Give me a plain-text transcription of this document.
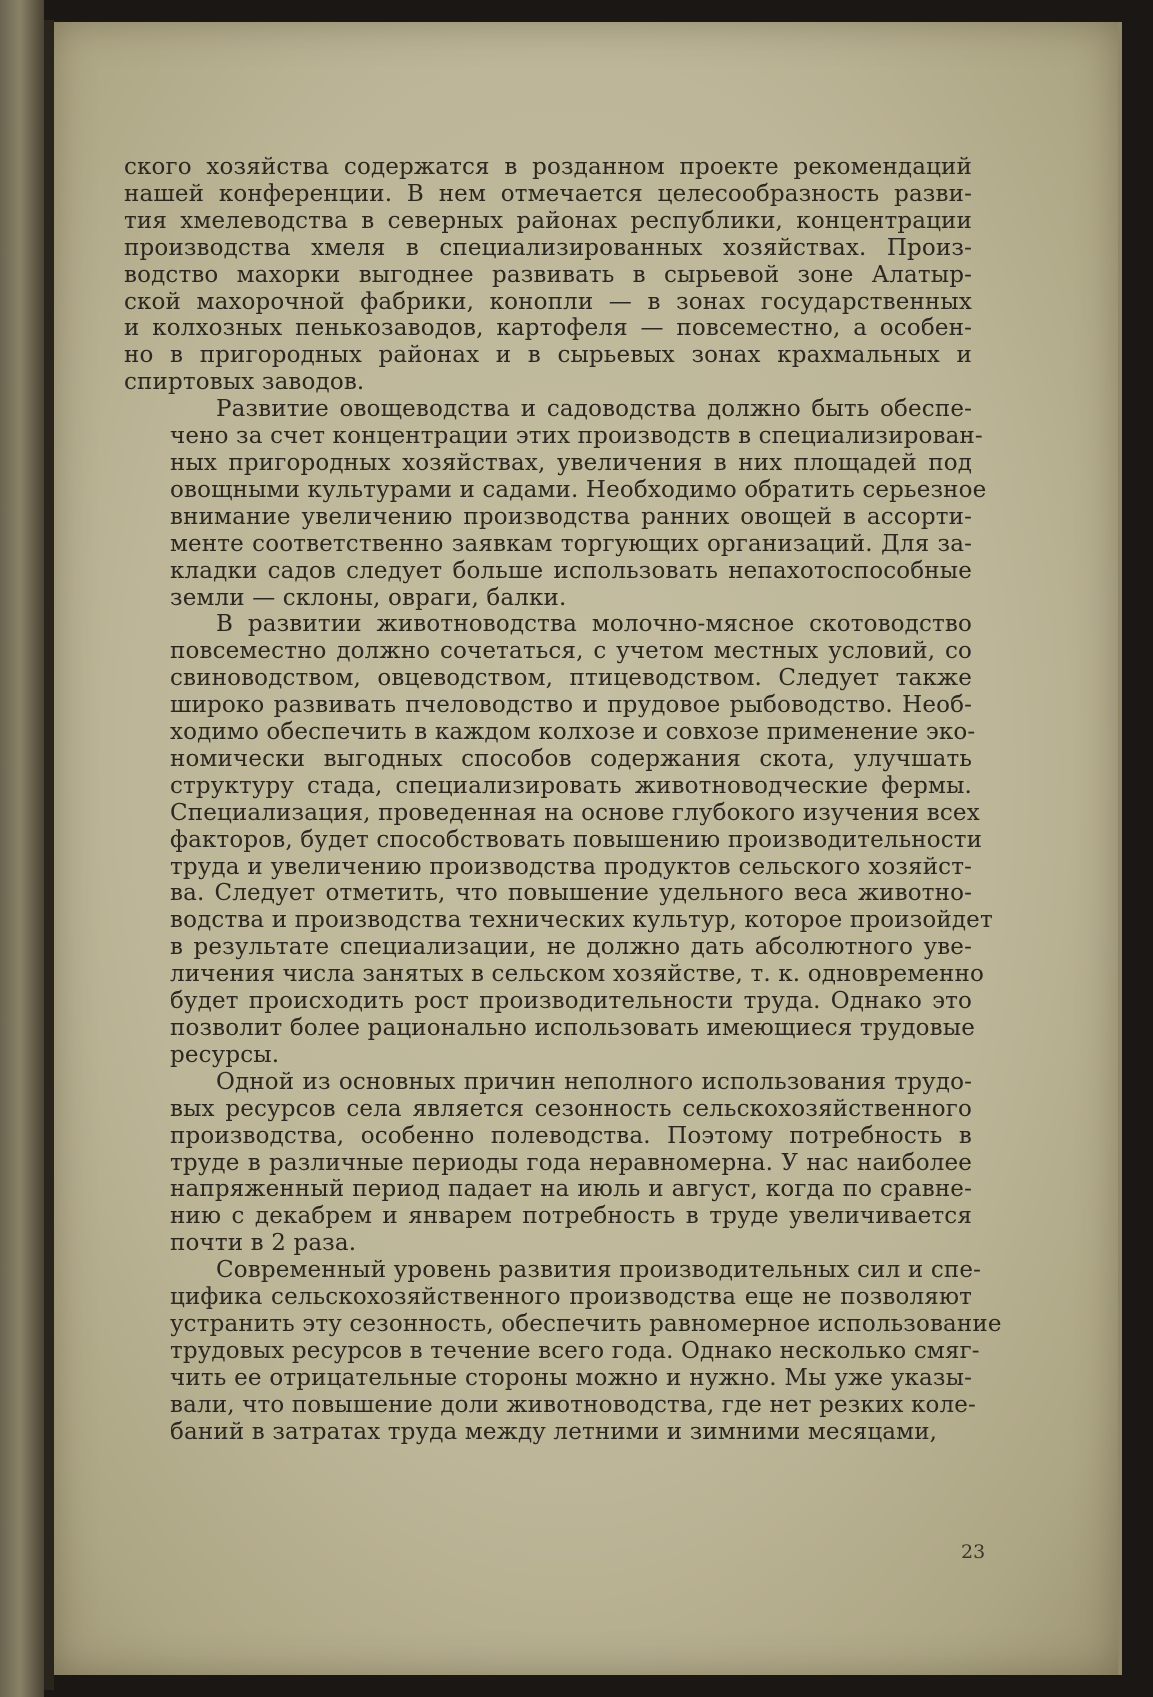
ского хозяйства содержатся в розданном проекте рекомендаций
нашей конференции. В нем отмечается целесообразность разви-
тия хмелеводства в северных районах республики, концентрации
производства хмеля в специализированных хозяйствах. Произ-
водство махорки выгоднее развивать в сырьевой зоне Алатыр-
ской махорочной фабрики, конопли — в зонах государственных
и колхозных пенькозаводов, картофеля — повсеместно, а особен-
но в пригородных районах и в сырьевых зонах крахмальных и
спиртовых заводов.
Развитие овощеводства и садоводства должно быть обеспе-
чено за счет концентрации этих производств в специализирован-
ных пригородных хозяйствах, увеличения в них площадей под
овощными культурами и садами. Необходимо обратить серьезное
внимание увеличению производства ранних овощей в ассорти-
менте соответственно заявкам торгующих организаций. Для за-
кладки садов следует больше использовать непахотоспособные
земли — склоны, овраги, балки.
В развитии животноводства молочно-мясное скотоводство
повсеместно должно сочетаться, с учетом местных условий, со
свиноводством, овцеводством, птицеводством. Следует также
широко развивать пчеловодство и прудовое рыбоводство. Необ-
ходимо обеспечить в каждом колхозе и совхозе применение эко-
номически выгодных способов содержания скота, улучшать
структуру стада, специализировать животноводческие фермы.
Специализация, проведенная на основе глубокого изучения всех
факторов, будет способствовать повышению производительности
труда и увеличению производства продуктов сельского хозяйст-
ва. Следует отметить, что повышение удельного веса животно-
водства и производства технических культур, которое произойдет
в результате специализации, не должно дать абсолютного уве-
личения числа занятых в сельском хозяйстве, т. к. одновременно
будет происходить рост производительности труда. Однако это
позволит более рационально использовать имеющиеся трудовые
ресурсы.
Одной из основных причин неполного использования трудо-
вых ресурсов села является сезонность сельскохозяйственного
производства, особенно полеводства. Поэтому потребность в
труде в различные периоды года неравномерна. У нас наиболее
напряженный период падает на июль и август, когда по сравне-
нию с декабрем и январем потребность в труде увеличивается
почти в 2 раза.
Современный уровень развития производительных сил и спе-
цифика сельскохозяйственного производства еще не позволяют
устранить эту сезонность, обеспечить равномерное использование
трудовых ресурсов в течение всего года. Однако несколько смяг-
чить ее отрицательные стороны можно и нужно. Мы уже указы-
вали, что повышение доли животноводства, где нет резких коле-
баний в затратах труда между летними и зимними месяцами,
23
